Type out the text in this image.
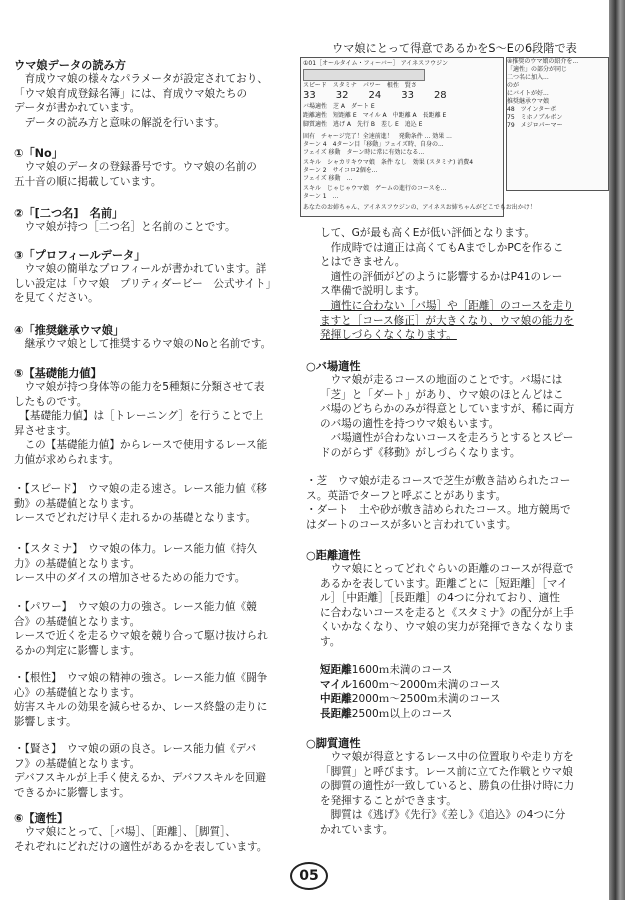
ウマ娘にとって得意であるかをS〜Eの6段階で表
①01［オールタイム・フィーバー］ アイネスフウジン
スピード　 スタミナ　 パワー　 根性　 賢さ
33　　 32　　 24　　 33　　 28
バ場適性　芝 A　ダート E
距離適性　短距離 E　マイル A　中距離 A　長距離 E
脚質適性　逃げ A　先行 B　差し E　追込 E
固有　チャージ完了！全速前進！　発動条件 ... 効果 ...
ターン 4　4ターン目「移動」フェイズ時、自身の...
フェイズ 移動　ターン時に常に有効になる...
スキル　シャカリキウマ娘　条件 なし　効果 (スタミナ) 消費4
ターン 2　サイコロ2個を...
フェイズ 移動　...
スキル　じゃじゃウマ娘　ゲームの進行のコースを...
ターン 1　...
あなたのお姉ちゃん、アイネスフウジンの、アイネスお姉ちゃんがどこでもお出かけ！
④推奨のウマ娘の紹介を...
「適性」の部分が同じ
二つ名に加入...
のが
にバイトが好...
推奨継承ウマ娘
48　ツインターボ
75　ミホノブルボン
79　メジロパーマー
ウマ娘データの読み方
　育成ウマ娘の様々なパラメータが設定されており、
「ウマ娘育成登録名簿」には、育成ウマ娘たちの
データが書かれています。
　データの読み方と意味の解説を行います。
①「No」
　ウマ娘のデータの登録番号です。ウマ娘の名前の
五十音の順に掲載しています。
②「[二つ名]　名前」
　ウマ娘が持つ［二つ名］と名前のことです。
③「プロフィールデータ」
　ウマ娘の簡単なプロフィールが書かれています。詳
しい設定は「ウマ娘　プリティダービー　公式サイト」
を見てください。
④「推奨継承ウマ娘」
　継承ウマ娘として推奨するウマ娘のNoと名前です。
⑤【基礎能力値】
　ウマ娘が持つ身体等の能力を5種類に分類させて表
したものです。
　【基礎能力値】は［トレーニング］を行うことで上
昇させます。
　この【基礎能力値】からレースで使用するレース能
力値が求められます。
・【スピード】　ウマ娘の走る速さ。レース能力値《移
動》の基礎値となります。
レースでどれだけ早く走れるかの基礎となります。
・【スタミナ】　ウマ娘の体力。レース能力値《持久
力》の基礎値となります。
レース中のダイスの増加させるための能力です。
・【パワー】　ウマ娘の力の強さ。レース能力値《競
合》の基礎値となります。
レースで近くを走るウマ娘を競り合って駆け抜けられ
るかの判定に影響します。
・【根性】　ウマ娘の精神の強さ。レース能力値《闘争
心》の基礎値となります。
妨害スキルの効果を減らせるか、レース終盤の走りに
影響します。
・【賢さ】　ウマ娘の頭の良さ。レース能力値《デバ
フ》の基礎値となります。
デバフスキルが上手く使えるか、デバフスキルを回避
できるかに影響します。
⑥【適性】
　ウマ娘にとって、［バ場］、［距離］、［脚質］、
それぞれにどれだけの適性があるかを表しています。
して、Gが最も高くEが低い評価となります。
　作成時では適正は高くてもAまでしかPCを作るこ
とはできません。
　適性の評価がどのように影響するかはP41のレー
ス準備で説明します。
　適性に合わない［バ場］や［距離］のコースを走り
ますと［コース修正］が大きくなり、ウマ娘の能力を
発揮しづらくなくなります。
○バ場適性
　ウマ娘が走るコースの地面のことです。バ場には
「芝」と「ダート」があり、ウマ娘のほとんどはこ
バ場のどちらかのみが得意としていますが、稀に両方
のバ場の適性を持つウマ娘もいます。
　バ場適性が合わないコースを走ろうとするとスピー
ドのがらず《移動》がしづらくなります。
・芝　ウマ娘が走るコースで芝生が敷き詰められたコー
ス。英語でターフと呼ぶことがあります。
・ダート　土や砂が敷き詰められたコース。地方競馬で
はダートのコースが多いと言われています。
○距離適性
　ウマ娘にとってどれぐらいの距離のコースが得意で
あるかを表しています。距離ごとに［短距離］［マイ
ル］［中距離］［長距離］の4つに分れており、適性
に合わないコースを走ると《スタミナ》の配分が上手
くいかなくなり、ウマ娘の実力が発揮できなくなりま
す。
短距離1600ｍ未満のコース
マイル1600ｍ〜2000ｍ未満のコース
中距離2000ｍ〜2500ｍ未満のコース
長距離2500ｍ以上のコース
○脚質適性
　ウマ娘が得意とするレース中の位置取りや走り方を
「脚質」と呼びます。レース前に立てた作戦とウマ娘
の脚質の適性が一致していると、勝負の仕掛け時に力
を発揮することができます。
　脚質は《逃げ》《先行》《差し》《追込》の4つに分
かれています。
05
